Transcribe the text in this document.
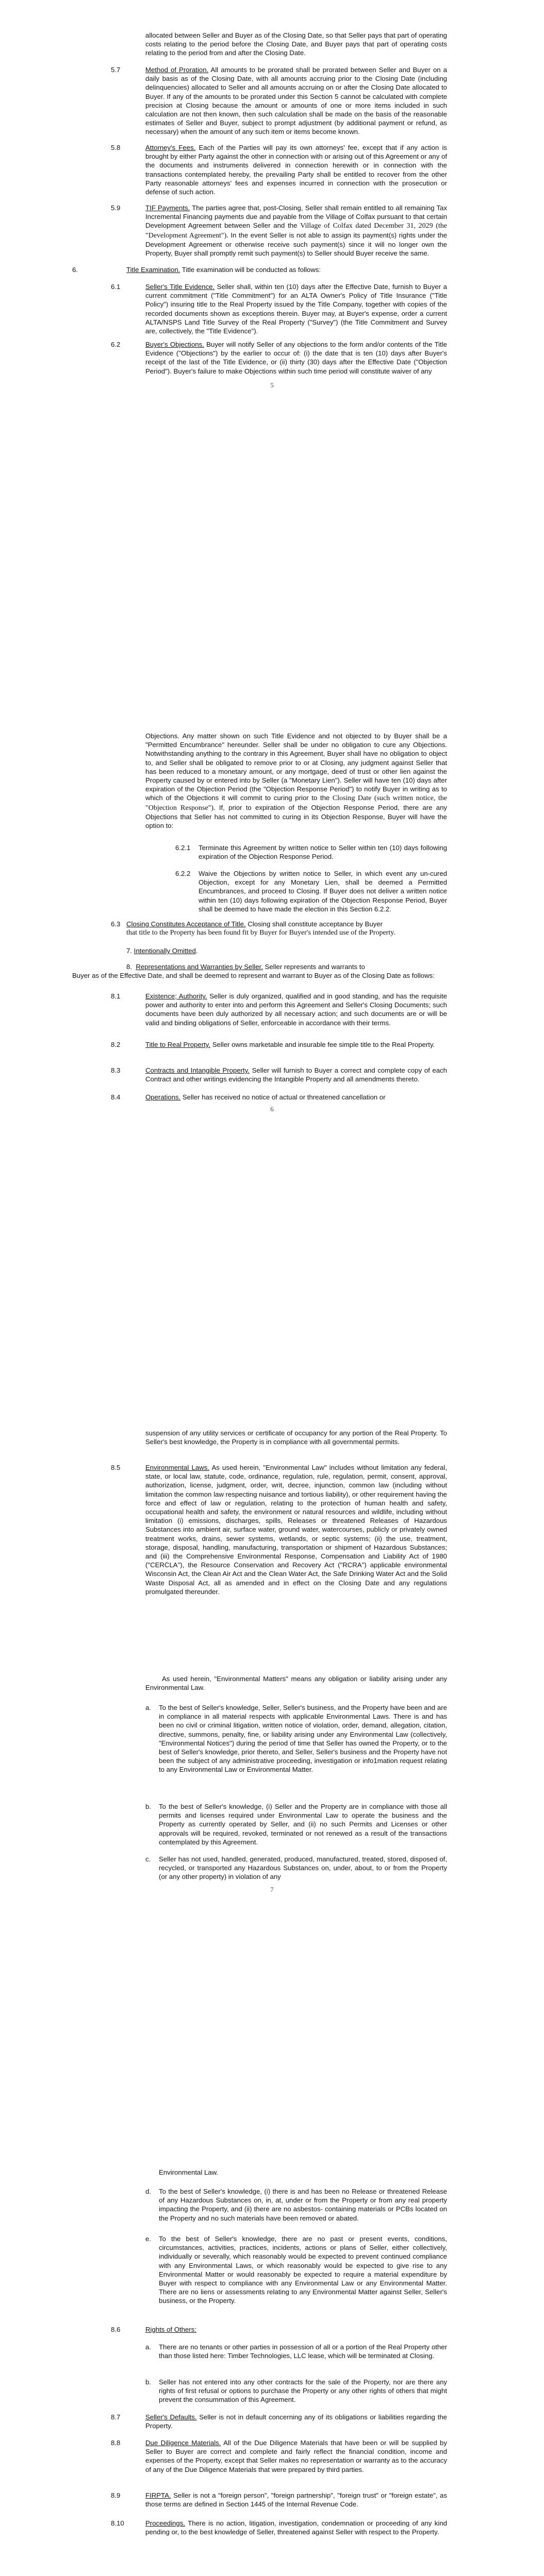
allocated between Seller and Buyer as of the Closing Date, so that Seller pays that part of operating costs relating to the period before the Closing Date, and Buyer pays that part of operating costs relating to the period from and after the Closing Date.
5.7	Method of Proration. All amounts to be prorated shall be prorated between Seller and Buyer on a daily basis as of the Closing Date, with all amounts accruing prior to the Closing Date (including delinquencies) allocated to Seller and all amounts accruing on or after the Closing Date allocated to Buyer. If any of the amounts to be prorated under this Section 5 cannot be calculated with complete precision at Closing because the amount or amounts of one or more items included in such calculation are not then known, then such calculation shall be made on the basis of the reasonable estimates of Seller and Buyer, subject to prompt adjustment (by additional payment or refund, as necessary) when the amount of any such item or items become known.
5.8	Attorney's Fees. Each of the Parties will pay its own attorneys' fee, except that if any action is brought by either Party against the other in connection with or arising out of this Agreement or any of the documents and instruments delivered in connection herewith or in connection with the transactions contemplated hereby, the prevailing Party shall be entitled to recover from the other Party reasonable attorneys' fees and expenses incurred in connection with the prosecution or defense of such action.
5.9	TIF Payments. The parties agree that, post-Closing, Seller shall remain entitled to all remaining Tax Incremental Financing payments due and payable from the Village of Colfax pursuant to that certain Development Agreement between Seller and the Village of Colfax dated December 31, 2029 (the "Development Agreement"). In the event Seller is not able to assign its payment(s) rights under the Development Agreement or otherwise receive such payment(s) since it will no longer own the Property, Buyer shall promptly remit such payment(s) to Seller should Buyer receive the same.
6.	Title Examination. Title examination will be conducted as follows:
6.1	Seller's Title Evidence. Seller shall, within ten (10) days after the Effective Date, furnish to Buyer a current commitment ("Title Commitment") for an ALTA Owner's Policy of Title Insurance ("Title Policy") insuring title to the Real Property issued by the Title Company, together with copies of the recorded documents shown as exceptions therein. Buyer may, at Buyer's expense, order a current ALTA/NSPS Land Title Survey of the Real Property ("Survey") (the Title Commitment and Survey are, collectively, the "Title Evidence").
6.2	Buyer's Objections. Buyer will notify Seller of any objections to the form and/or contents of the Title Evidence ("Objections") by the earlier to occur of: (i) the date that is ten (10) days after Buyer's receipt of the last of the Title Evidence, or (ii) thirty (30) days after the Effective Date ("Objection Period"). Buyer's failure to make Objections within such time period will constitute waiver of any
5
Objections. Any matter shown on such Title Evidence and not objected to by Buyer shall be a "Permitted Encumbrance" hereunder. Seller shall be under no obligation to cure any Objections. Notwithstanding anything to the contrary in this Agreement, Buyer shall have no obligation to object to, and Seller shall be obligated to remove prior to or at Closing, any judgment against Seller that has been reduced to a monetary amount, or any mortgage, deed of trust or other lien against the Property caused by or entered into by Seller (a "Monetary Lien"). Seller will have ten (10) days after expiration of the Objection Period (the "Objection Response Period") to notify Buyer in writing as to which of the Objections it will commit to curing prior to the Closing Date (such written notice, the "Objection Response"). If, prior to expiration of the Objection Response Period, there are any Objections that Seller has not committed to curing in its Objection Response, Buyer will have the option to:
6.2.1 Terminate this Agreement by written notice to Seller within ten (10) days following expiration of the Objection Response Period.
6.2.2 Waive the Objections by written notice to Seller, in which event any un-cured Objection, except for any Monetary Lien, shall be deemed a Permitted Encumbrances, and proceed to Closing. If Buyer does not deliver a written notice within ten (10) days following expiration of the Objection Response Period, Buyer shall be deemed to have made the election in this Section 6.2.2.
6.3 Closing Constitutes Acceptance of Title. Closing shall constitute acceptance by Buyer
that title to the Property has been found fit by Buyer for Buyer's intended use of the Property.
7. Intentionally Omitted.
8. Representations and Warranties by Seller. Seller represents and warrants to
Buyer as of the Effective Date, and shall be deemed to represent and warrant to Buyer as of the Closing Date as follows:
8.1	Existence; Authority. Seller is duly organized, qualified and in good standing, and has the requisite power and authority to enter into and perform this Agreement and Seller's Closing Documents; such documents have been duly authorized by all necessary action; and such documents are or will be valid and binding obligations of Seller, enforceable in accordance with their terms.
8.2	Title to Real Property. Seller owns marketable and insurable fee simple title to the Real Property.
8.3	Contracts and Intangible Property. Seller will furnish to Buyer a correct and complete copy of each Contract and other writings evidencing the Intangible Property and all amendments thereto.
8.4	Operations. Seller has received no notice of actual or threatened cancellation or
6
suspension of any utility services or certificate of occupancy for any portion of the Real Property. To Seller's best knowledge, the Property is in compliance with all governmental permits.
8.5	Environmental Laws. As used herein, "Environmental Law" includes without limitation any federal, state, or local law, statute, code, ordinance, regulation, rule, regulation, permit, consent, approval, authorization, license, judgment, order, writ, decree, injunction, common law (including without limitation the common law respecting nuisance and tortious liability), or other requirement having the force and effect of law or regulation, relating to the protection of human health and safety, occupational health and safety, the environment or natural resources and wildlife, including without limitation (i) emissions, discharges, spills, Releases or threatened Releases of Hazardous Substances into ambient air, surface water, ground water, watercourses, publicly or privately owned treatment works, drains, sewer systems, wetlands, or septic systems; (ii) the use, treatment, storage, disposal, handling, manufacturing, transportation or shipment of Hazardous Substances; and (iii) the Comprehensive Environmental Response, Compensation and Liability Act of 1980 ("CERCLA"), the Resource Conservation and Recovery Act ("RCRA") applicable environmental Wisconsin Act, the Clean Air Act and the Clean Water Act, the Safe Drinking Water Act and the Solid Waste Disposal Act, all as amended and in effect on the Closing Date and any regulations promulgated thereunder.
As used herein, "Environmental Matters" means any obligation or liability arising under any Environmental Law.
a. To the best of Seller's knowledge, Seller, Seller's business, and the Property have been and are in compliance in all material respects with applicable Environmental Laws. There is and has been no civil or criminal litigation, written notice of violation, order, demand, allegation, citation, directive, summons, penalty, fine, or liability arising under any Environmental Law (collectively, "Environmental Notices") during the period of time that Seller has owned the Property, or to the best of Seller's knowledge, prior thereto, and Seller, Seller's business and the Property have not been the subject of any administrative proceeding, investigation or info1mation request relating to any Environmental Law or Environmental Matter.
b. To the best of Seller's knowledge, (i) Seller and the Property are in compliance with those all permits and licenses required under Environmental Law to operate the business and the Property as currently operated by Seller, and (ii) no such Permits and Licenses or other approvals will be required, revoked, terminated or not renewed as a result of the transactions contemplated by this Agreement.
c. Seller has not used, handled, generated, produced, manufactured, treated, stored, disposed of, recycled, or transported any Hazardous Substances on, under, about, to or from the Property (or any other property) in violation of any
7
Environmental Law.
d. To the best of Seller's knowledge, (i) there is and has been no Release or threatened Release of any Hazardous Substances on, in, at, under or from the Property or from any real property impacting the Property, and (ii) there are no asbestos- containing materials or PCBs located on the Property and no such materials have been removed or abated.
e. To the best of Seller's knowledge, there are no past or present events, conditions, circumstances, activities, practices, incidents, actions or plans of Seller, either collectively, individually or severally, which reasonably would be expected to prevent continued compliance with any Environmental Laws, or which reasonably would be expected to give rise to any Environmental Matter or would reasonably be expected to require a material expenditure by Buyer with respect to compliance with any Environmental Law or any Environmental Matter. There are no liens or assessments relating to any Environmental Matter against Seller, Seller's business, or the Property.
8.6	Rights of Others:
a. There are no tenants or other parties in possession of all or a portion of the Real Property other than those listed here: Timber Technologies, LLC lease, which will be terminated at Closing.
b. Seller has not entered into any other contracts for the sale of the Property, nor are there any rights of first refusal or options to purchase the Property or any other rights of others that might prevent the consummation of this Agreement.
8.7	Seller's Defaults. Seller is not in default concerning any of its obligations or liabilities regarding the Property.
8.8	Due Diligence Materials. All of the Due Diligence Materials that have been or will be supplied by Seller to Buyer are correct and complete and fairly reflect the financial condition, income and expenses of the Property, except that Seller makes no representation or warranty as to the accuracy of any of the Due Diligence Materials that were prepared by third parties.
8.9	FIRPTA. Seller is not a "foreign person", "foreign partnership", "foreign trust" or "foreign estate", as those terms are defined in Section 1445 of the Internal Revenue Code.
8.10	Proceedings. There is no action, litigation, investigation, condemnation or proceeding of any kind pending or, to the best knowledge of Seller, threatened against Seller with respect to the Property.
